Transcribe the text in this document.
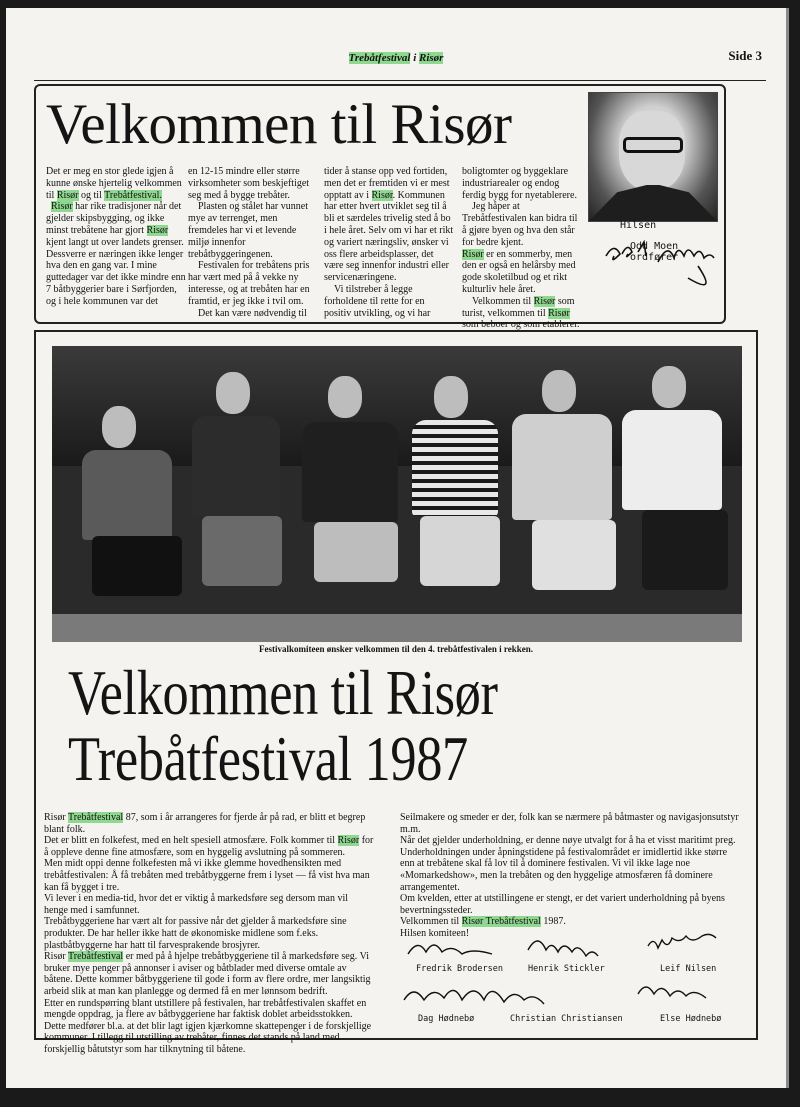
Trebåtfestival i Risør	Side 3
Velkommen til Risør
Det er meg en stor glede igjen å kunne ønske hjertelig velkommen til Risør og til Trebåtfestival.
Risør har rike tradisjoner når det gjelder skipsbygging, og ikke minst trebåtene har gjort Risør kjent langt ut over landets grenser. Dessverre er næringen ikke lenger hva den en gang var. I mine guttedager var det ikke mindre enn 7 båtbyggerier bare i Sørfjorden, og i hele kommunen var det
en 12-15 mindre eller større virksomheter som beskjeftiget seg med å bygge trebåter.

Plasten og stålet har vunnet mye av terrenget, men fremdeles har vi et levende miljø innenfor trebåtbyggeringenen.

Festivalen for trebåtens pris har vært med på å vekke ny interesse, og at trebåten har en framtid, er jeg ikke i tvil om.

Det kan være nødvendig til

tider å stanse opp ved fortiden, men det er fremtiden vi er mest opptatt av i Risør. Kommunen har etter hvert utviklet seg til å bli et særdeles trivelig sted å bo i hele året. Selv om vi har et rikt og variert næringsliv, ønsker vi oss flere arbeidsplasser, det være seg innenfor industri eller servicenæringene.

Vi tilstreber å legge forholdene til rette for en positiv utvikling, og vi har

boligtomter og byggeklare industriarealer og endog ferdig bygg for nyetablerere.

Jeg håper at Trebåtfestivalen kan bidra til å gjøre byen og hva den står for bedre kjent.

Risør er en sommerby, men den er også en helårsby med gode skoletilbud og et rikt kulturliv hele året.

Velkommen til Risør som turist, velkommen til Risør som beboer og som etablerer.

Hilsen
Odd Moen
ordfører
Festivalkomiteen ønsker velkommen til den 4. trebåtfestivalen i rekken.
Velkommen til Risør
Trebåtfestival 1987
Risør Trebåtfestival 87, som i år arrangeres for fjerde år på rad, er blitt et begrep blant folk.
Det er blitt en folkefest, med en helt spesiell atmosfære. Folk kommer til Risør for å oppleve denne fine atmosfære, som en hyggelig avslutning på sommeren.
Men midt oppi denne folkefesten må vi ikke glemme hovedhensikten med trebåtfestivalen: Å få trebåten med trebåtbyggerne frem i lyset — få vist hva man kan få bygget i tre.
Vi lever i en media-tid, hvor det er viktig å markedsføre seg dersom man vil henge med i samfunnet.
Trebåtbyggeriene har vært alt for passive når det gjelder å markedsføre sine produkter. De har heller ikke hatt de økonomiske midlene som f.eks. plastbåtbyggerne har hatt til farvesprakende brosjyrer.
Risør Trebåtfestival er med på å hjelpe trebåtbyggeriene til å markedsføre seg. Vi bruker mye penger på annonser i aviser og båtblader med diverse omtale av båtene. Dette kommer båtbyggeriene til gode i form av flere ordre, mer langsiktig arbeid slik at man kan planlegge og dermed få en mer lønnsom bedrift.
Etter en rundspørring blant utstillere på festivalen, har trebåtfestivalen skaffet en mengde oppdrag, ja flere av båtbyggeriene har faktisk doblet arbeidsstokken. Dette medfører bl.a. at det blir lagt igjen kjærkomne skattepenger i de forskjellige kommuner. I tillegg til utstilling av trebåter, finnes det stands på land med forskjellig båtutstyr som har tilknytning til båtene.
Seilmakere og smeder er der, folk kan se nærmere på båtmaster og navigasjonsutstyr m.m.
Når det gjelder underholdning, er denne nøye utvalgt for å ha et visst maritimt preg. Underholdningen under åpningstidene på festivalområdet er imidlertid ikke større enn at trebåtene skal få lov til å dominere festivalen. Vi vil ikke lage noe «Momarkedshow», men la trebåten og den hyggelige atmosfæren få dominere arrangementet.
Om kvelden, etter at utstillingene er stengt, er det variert underholdning på byens bevertningssteder.
Velkommen til Risør Trebåtfestival 1987.
Hilsen komiteen!
Fredrik Brodersen	Henrik Stickler	Leif Nilsen
Dag Hødnebø	Christian Christiansen	Else Hødnebø
